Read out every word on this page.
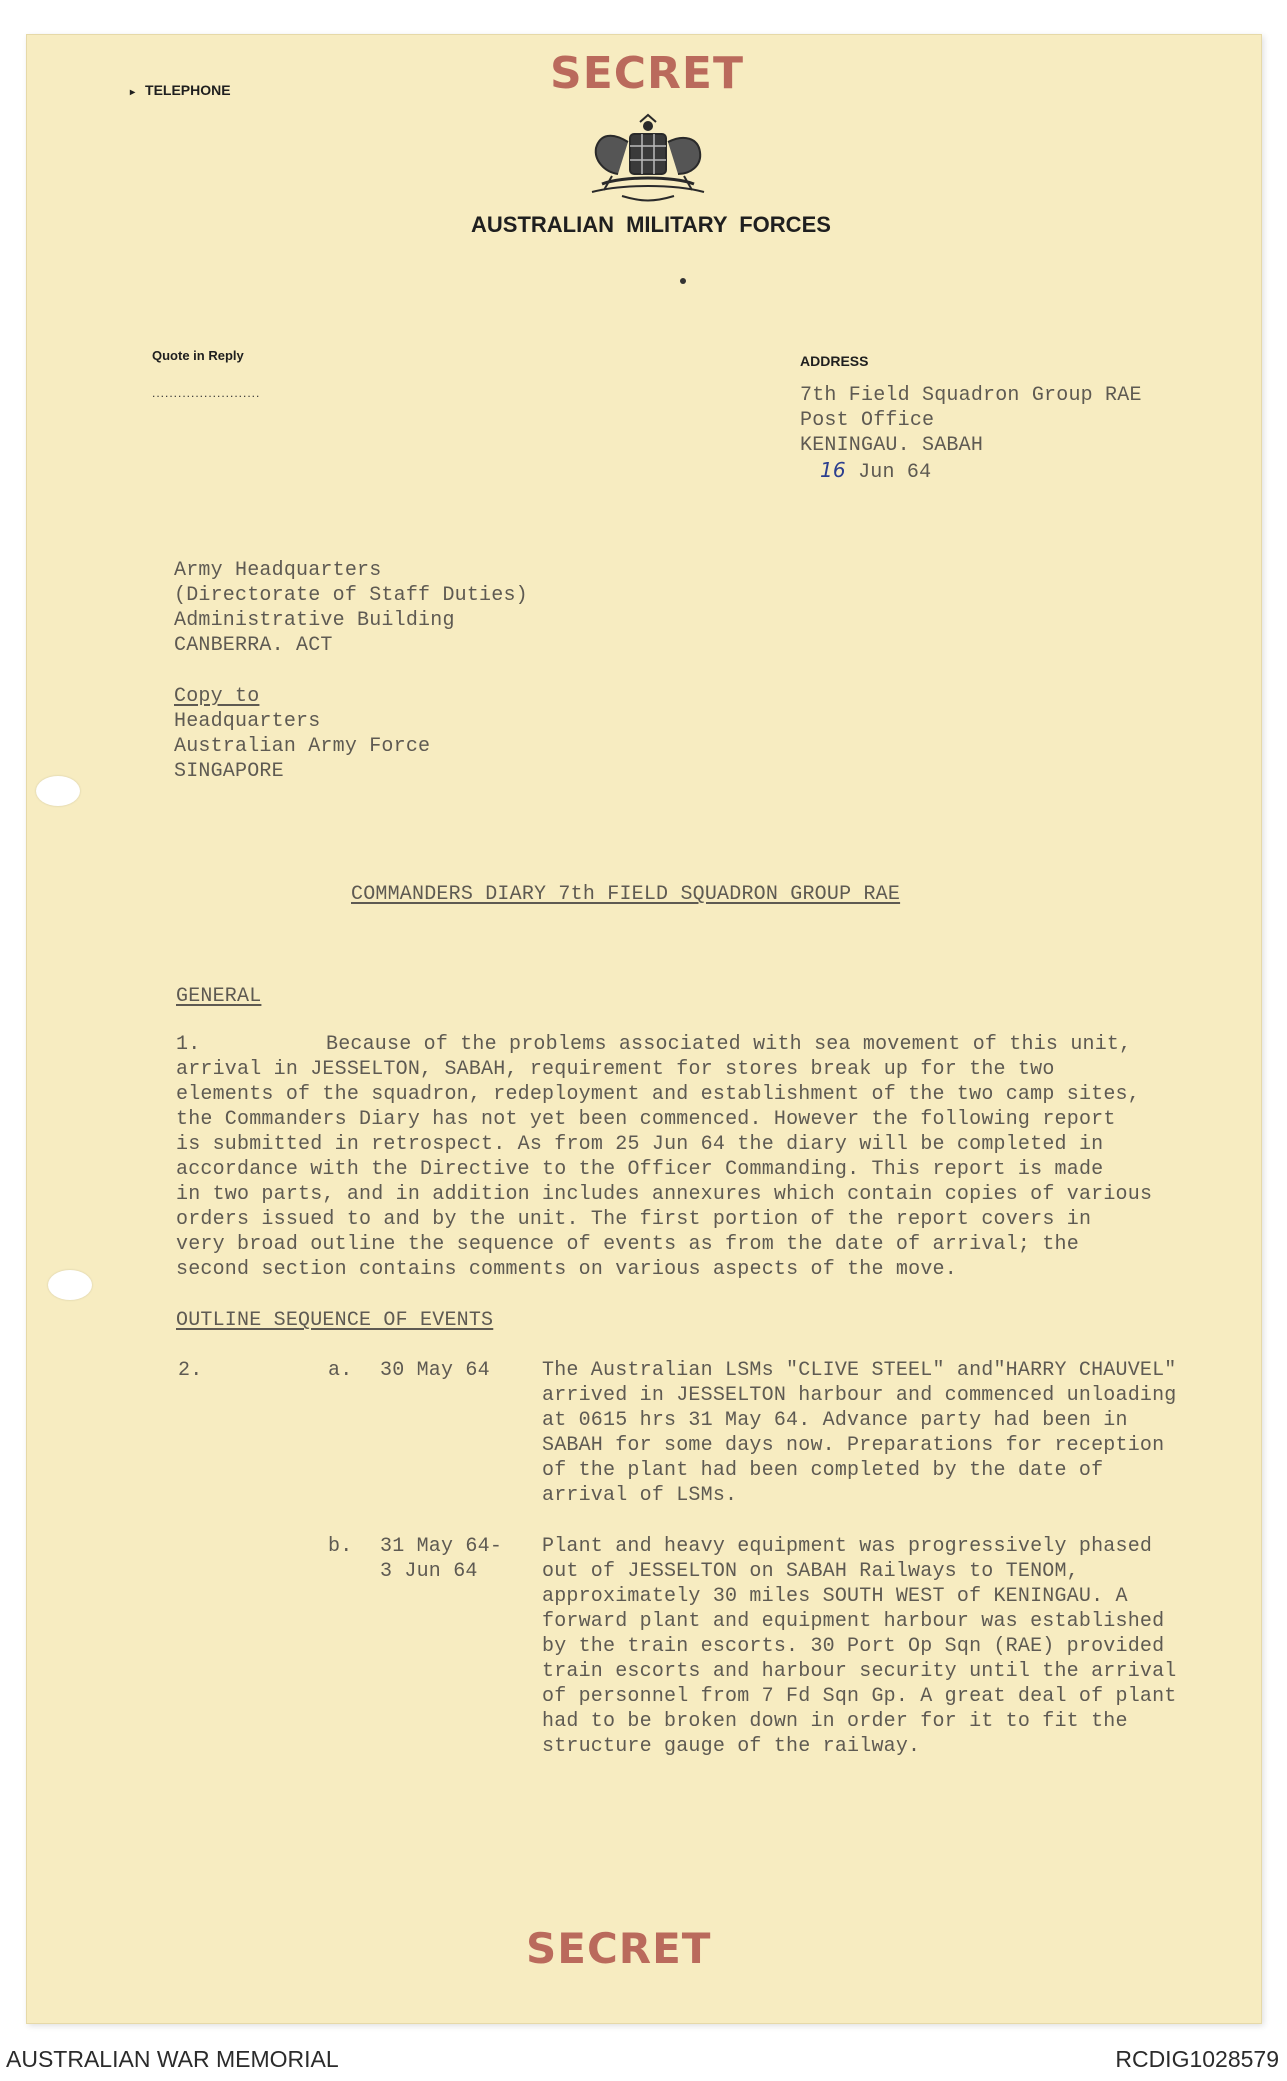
SECRET
▸ TELEPHONE
AUSTRALIAN MILITARY FORCES
Quote in Reply
.........................
ADDRESS
7th Field Squadron Group RAE
Post Office
KENINGAU. SABAH
16 Jun 64
Army Headquarters
(Directorate of Staff Duties)
Administrative Building
CANBERRA. ACT
Copy to
Headquarters
Australian Army Force
SINGAPORE
COMMANDERS DIARY 7th FIELD SQUADRON GROUP RAE
GENERAL
1.	Because of the problems associated with sea movement of this unit,
arrival in JESSELTON, SABAH, requirement for stores break up for the two
elements of the squadron, redeployment and establishment of the two camp sites,
the Commanders Diary has not yet been commenced. However the following report
is submitted in retrospect. As from 25 Jun 64 the diary will be completed in
accordance with the Directive to the Officer Commanding. This report is made
in two parts, and in addition includes annexures which contain copies of various
orders issued to and by the unit. The first portion of the report covers in
very broad outline the sequence of events as from the date of arrival; the
second section contains comments on various aspects of the move.
OUTLINE SEQUENCE OF EVENTS
2.	a. 30 May 64	The Australian LSMs "CLIVE STEEL" and"HARRY CHAUVEL"
arrived in JESSELTON harbour and commenced unloading
at 0615 hrs 31 May 64. Advance party had been in
SABAH for some days now. Preparations for reception
of the plant had been completed by the date of
arrival of LSMs.
b. 31 May 64-
3 Jun 64
Plant and heavy equipment was progressively phased
out of JESSELTON on SABAH Railways to TENOM,
approximately 30 miles SOUTH WEST of KENINGAU. A
forward plant and equipment harbour was established
by the train escorts. 30 Port Op Sqn (RAE) provided
train escorts and harbour security until the arrival
of personnel from 7 Fd Sqn Gp. A great deal of plant
had to be broken down in order for it to fit the
structure gauge of the railway.
SECRET
AUSTRALIAN WAR MEMORIAL	RCDIG1028579
